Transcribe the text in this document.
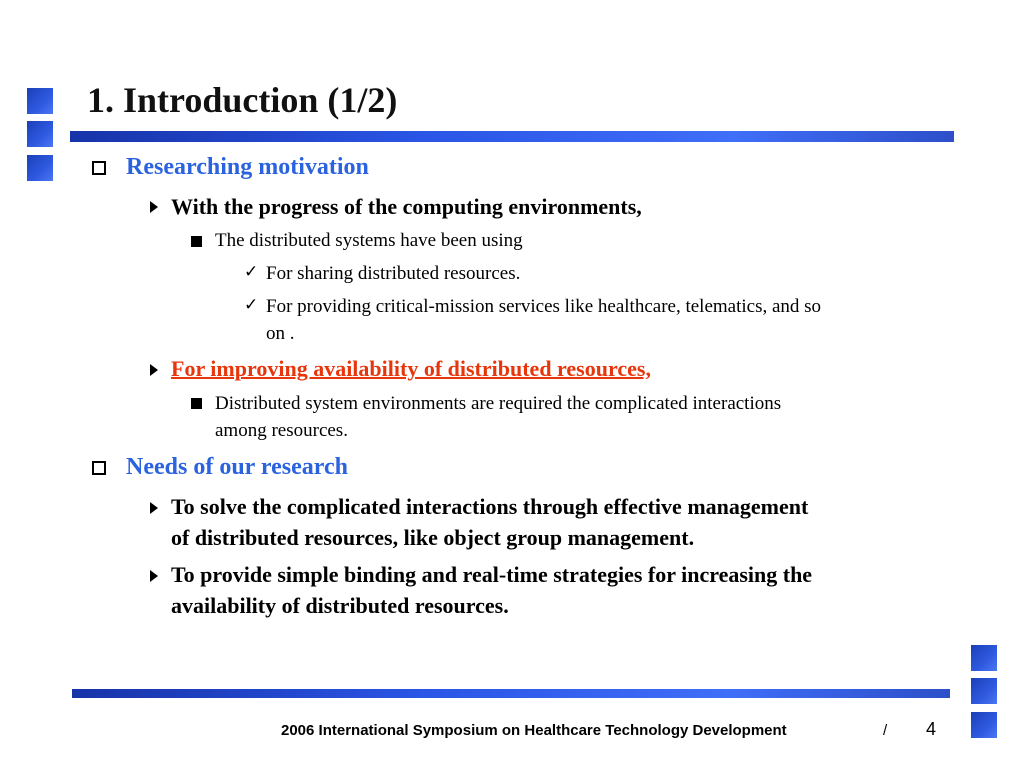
1. Introduction (1/2)
Researching motivation
With the progress of the computing environments,
The distributed systems have been using
✓ For sharing distributed resources.
✓ For providing critical-mission services like healthcare, telematics, and so
on .
For improving availability of distributed resources,
Distributed system environments are required the complicated interactions
among resources.
Needs of our research
To solve the complicated interactions through effective management
of distributed resources, like object group management.
To provide simple binding and real-time strategies for increasing the
availability of distributed resources.
2006 International Symposium on Healthcare Technology Development	/ 4
